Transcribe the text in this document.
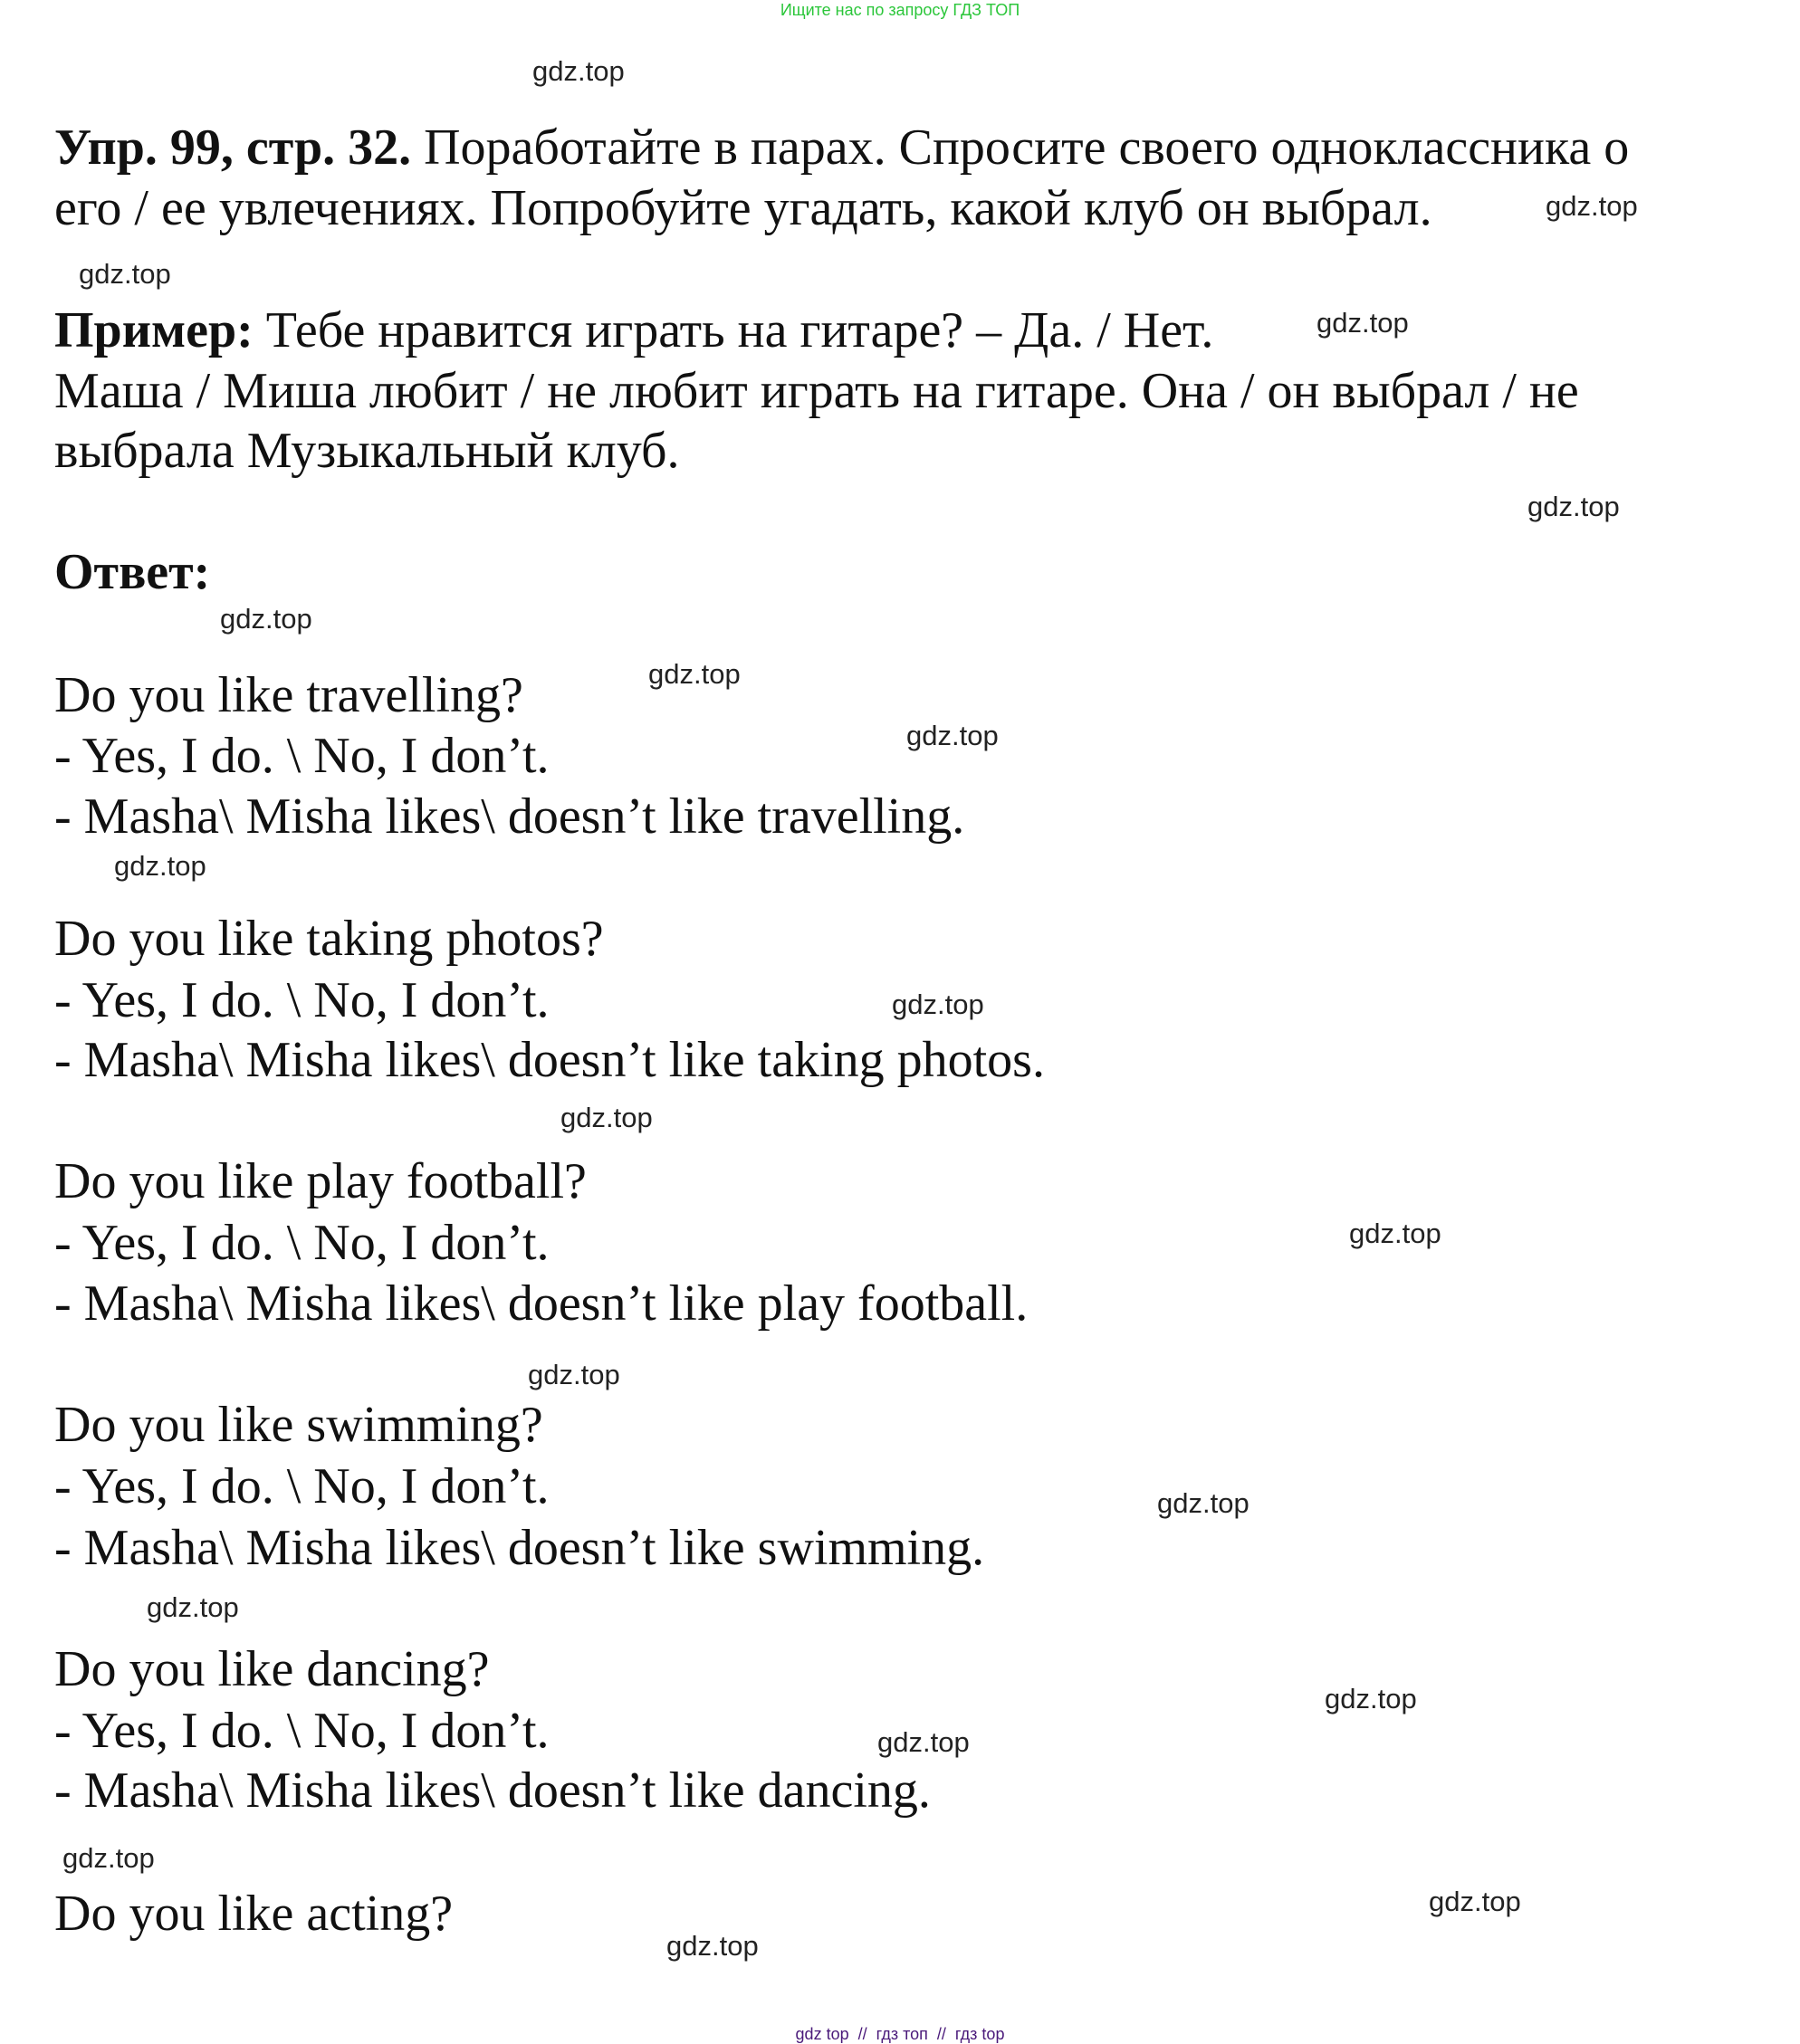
Ищите нас по запросу ГДЗ ТОП
Упр. 99, стр. 32. Поработайте в парах. Спросите своего одноклассника о
его / ее увлечениях. Попробуйте угадать, какой клуб он выбрал.
Пример: Тебе нравится играть на гитаре? – Да. / Нет.
Маша / Миша любит / не любит играть на гитаре. Она / он выбрал / не
выбрала Музыкальный клуб.
Ответ:
Do you like travelling?
- Yes, I do. \ No, I don’t.
- Masha\ Misha likes\ doesn’t like travelling.
Do you like taking photos?
- Yes, I do. \ No, I don’t.
- Masha\ Misha likes\ doesn’t like taking photos.
Do you like play football?
- Yes, I do. \ No, I don’t.
- Masha\ Misha likes\ doesn’t like play football.
Do you like swimming?
- Yes, I do. \ No, I don’t.
- Masha\ Misha likes\ doesn’t like swimming.
Do you like dancing?
- Yes, I do. \ No, I don’t.
- Masha\ Misha likes\ doesn’t like dancing.
Do you like acting?
gdz.top
gdz.top
gdz.top
gdz.top
gdz.top
gdz.top
gdz.top
gdz.top
gdz.top
gdz.top
gdz.top
gdz.top
gdz.top
gdz.top
gdz.top
gdz.top
gdz.top
gdz.top
gdz.top
gdz.top
gdz top  //  гдз топ  //  гдз top
